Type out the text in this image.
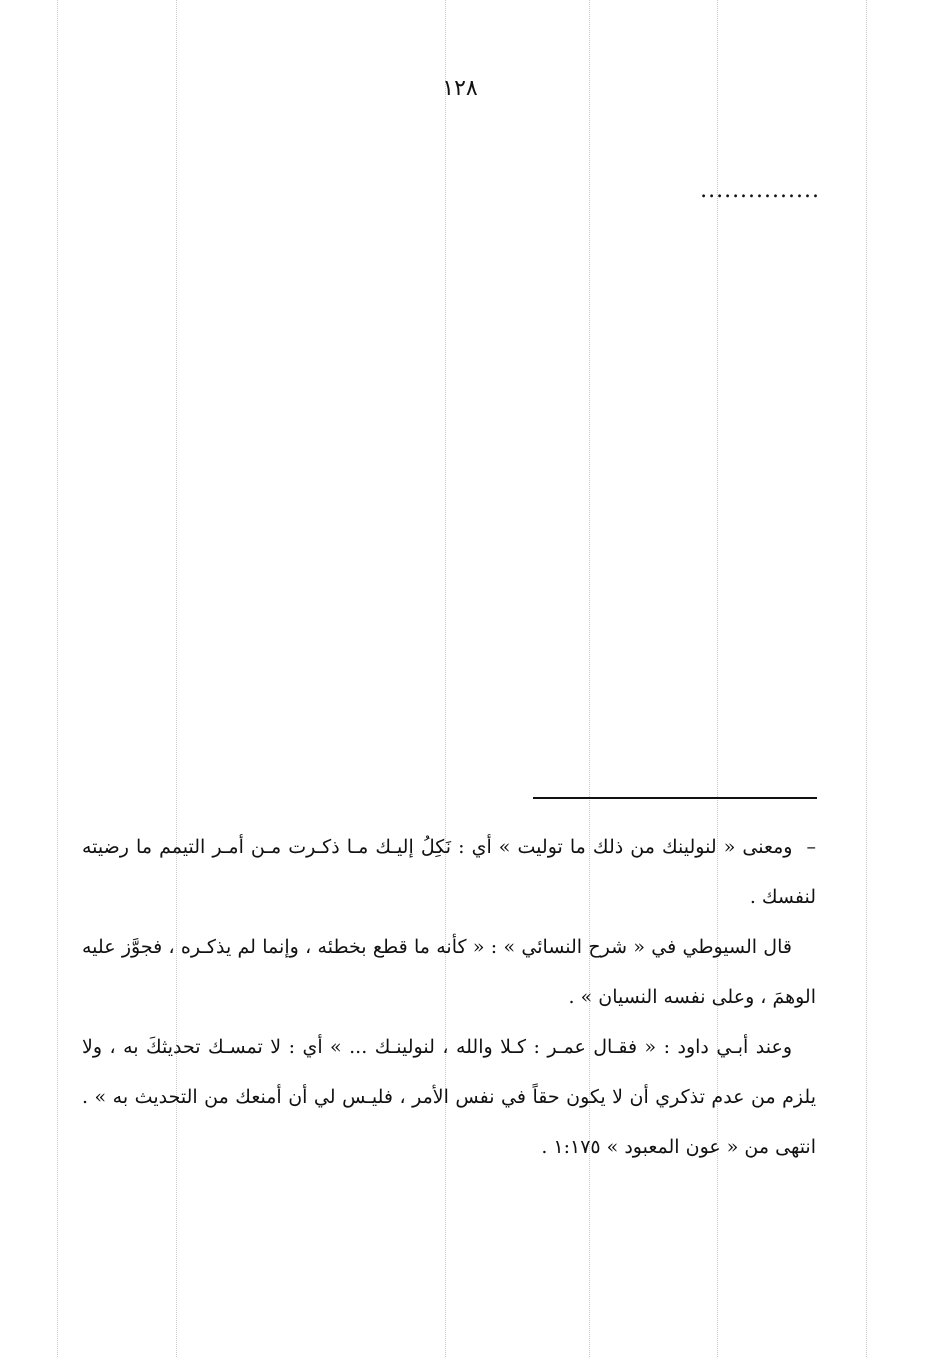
١٢٨
...............

–ومعنى « لنولينك من ذلك ما توليت » أي : نَكِلُ إليـك مـا ذكـرت مـن أمـر التيمم ما رضيته لنفسك .

قال السيوطي في « شرح النسائي » : « كأنه ما قطع بخطئه ، وإنما لم يذكـره ، فجوَّز عليه الوهمَ ، وعلى نفسه النسيان » .

وعند أبـي داود : « فقـال عمـر : كـلا والله ، لنولينـك ... » أي : لا تمسـك تحديثكَ به ، ولا يلزم من عدم تذكري أن لا يكون حقاً في نفس الأمر ، فليـس لي أن أمنعك من التحديث به » . انتهى من « عون المعبود » ١:١٧٥ .
